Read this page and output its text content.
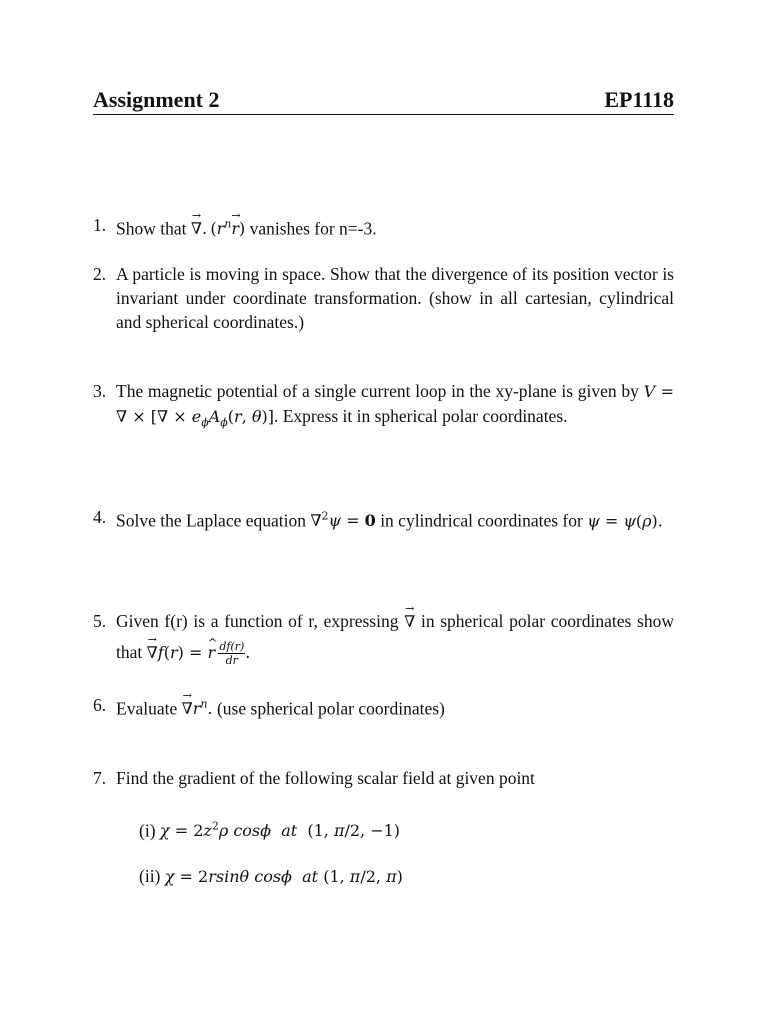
Assignment 2	EP1118
1. Show that → ∇. $(r^n\to r)$ vanishes for n=-3.
2. A particle is moving in space. Show that the divergence of its position vector is invariant under coordinate transformation. (show in all cartesian, cylindrical and spherical coordinates.)
3. The magnetic potential of a single current loop in the xy-plane is given by V = ∇ × [∇ × ⌒ $e_\phi A_\phi(r$, θ)]. Express it in spherical polar coordinates.
4. Solve the Laplace equation ∇$^2$ψ = 0 in cylindrical coordinates for ψ = ψ(ρ).
5. Given f(r) is a function of r, expressing → ∇ in spherical polar coordinates show that → ∇f(r) = ^ r  $\frac{df(r)}{dr}$ .
6. Evaluate → $\nabla r^n$. (use spherical polar coordinates)
7. Find the gradient of the following scalar field at given point
(i) $\chi = 2z^2\rho$ cosϕ at  (1, π/2, −1)
(ii) χ = 2rsinθ cosϕ at (1, π/2, π)
